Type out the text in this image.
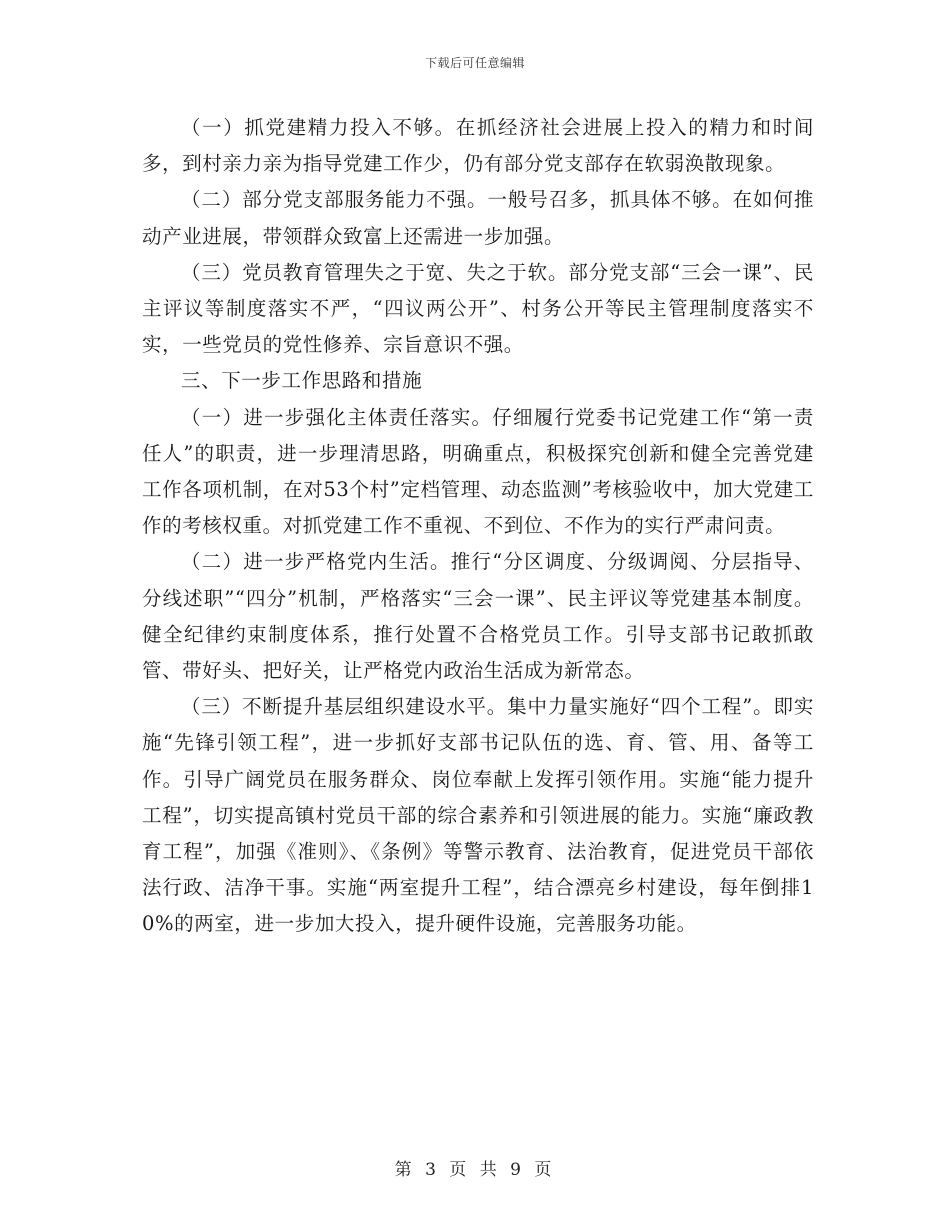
下载后可任意编辑

（一）抓党建精力投入不够。在抓经济社会进展上投入的精力和时间多，到村亲力亲为指导党建工作少，仍有部分党支部存在软弱涣散现象。

（二）部分党支部服务能力不强。一般号召多，抓具体不够。在如何推动产业进展，带领群众致富上还需进一步加强。

（三）党员教育管理失之于宽、失之于软。部分党支部“三会一课”、民主评议等制度落实不严，“四议两公开”、村务公开等民主管理制度落实不实，一些党员的党性修养、宗旨意识不强。

三、下一步工作思路和措施

（一）进一步强化主体责任落实。仔细履行党委书记党建工作“第一责任人”的职责，进一步理清思路，明确重点，积极探究创新和健全完善党建工作各项机制，在对53个村”定档管理、动态监测”考核验收中，加大党建工作的考核权重。对抓党建工作不重视、不到位、不作为的实行严肃问责。

（二）进一步严格党内生活。推行“分区调度、分级调阅、分层指导、分线述职”“四分”机制，严格落实“三会一课”、民主评议等党建基本制度。健全纪律约束制度体系，推行处置不合格党员工作。引导支部书记敢抓敢管、带好头、把好关，让严格党内政治生活成为新常态。

（三）不断提升基层组织建设水平。集中力量实施好“四个工程”。即实施“先锋引领工程”，进一步抓好支部书记队伍的选、育、管、用、备等工作。引导广阔党员在服务群众、岗位奉献上发挥引领作用。实施“能力提升工程”，切实提高镇村党员干部的综合素养和引领进展的能力。实施“廉政教育工程”，加强《准则》、《条例》等警示教育、法治教育，促进党员干部依法行政、洁净干事。实施“两室提升工程”，结合漂亮乡村建设，每年倒排10%的两室，进一步加大投入，提升硬件设施，完善服务功能。

第 3 页 共 9 页
